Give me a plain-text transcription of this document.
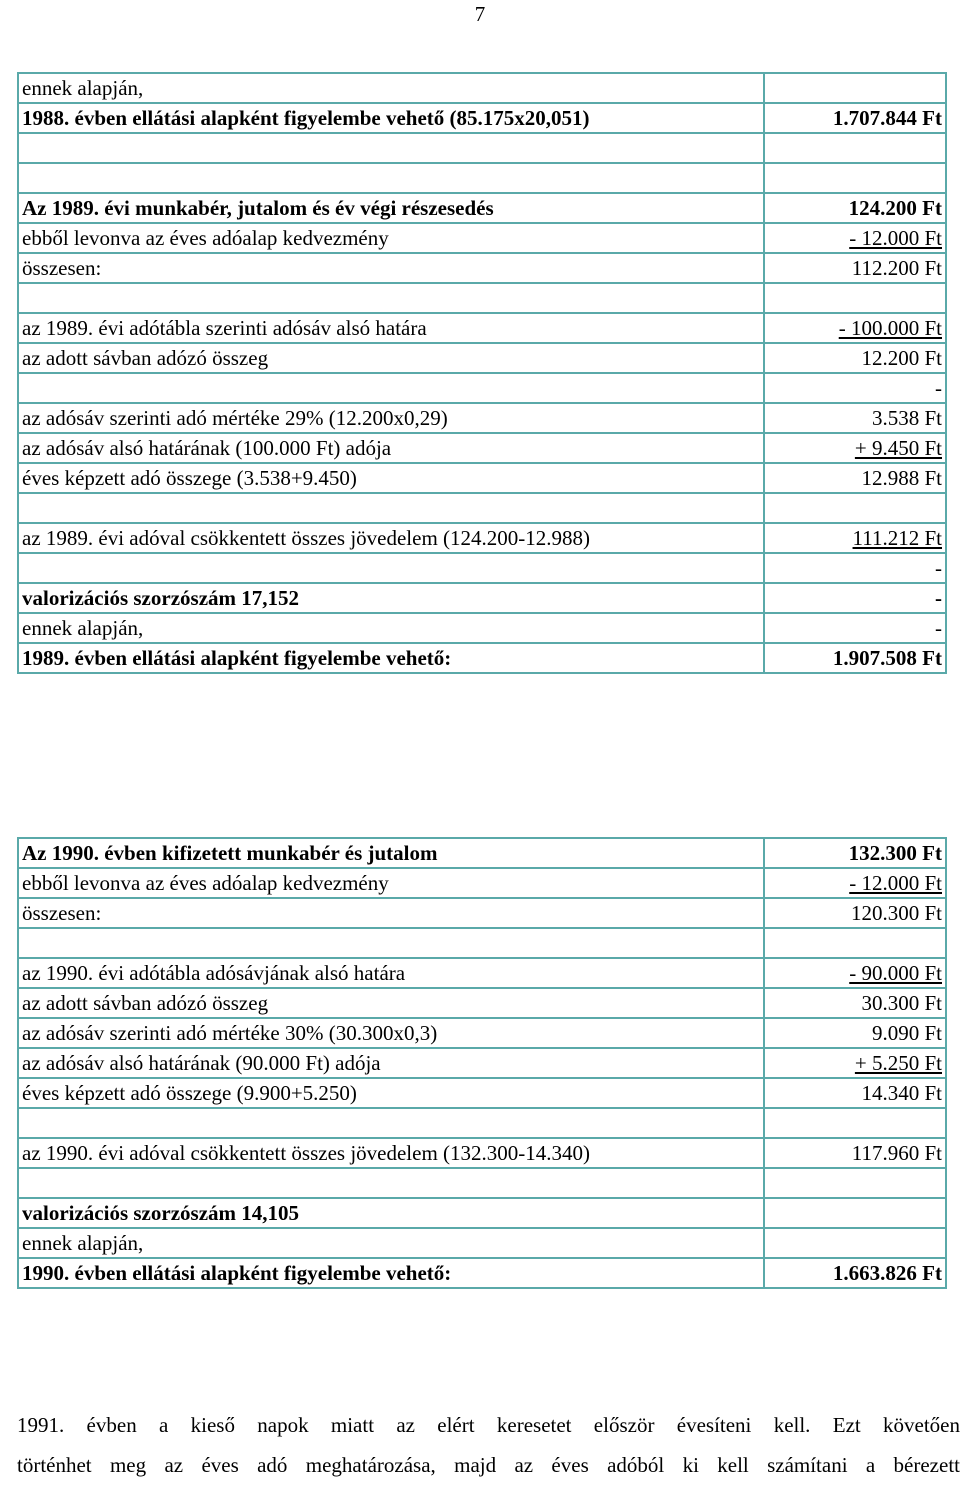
7
ennek alapján,	
1988. évben ellátási alapként figyelembe vehető (85.175x20,051)	1.707.844 Ft

Az 1989. évi munkabér, jutalom és év végi részesedés	124.200 Ft
ebből levonva az éves adóalap kedvezmény	- 12.000 Ft
összesen:	112.200 Ft

az 1989. évi adótábla szerinti adósáv alsó határa	- 100.000 Ft
az adott sávban adózó összeg	12.200 Ft
	-
az adósáv szerinti adó mértéke 29% (12.200x0,29)	3.538 Ft
az adósáv alsó határának (100.000 Ft) adója	+ 9.450 Ft
éves képzett adó összege (3.538+9.450)	12.988 Ft

az 1989. évi adóval csökkentett összes jövedelem (124.200-12.988)	111.212 Ft
	-
valorizációs szorzószám 17,152	-
ennek alapján,	-
1989. évben ellátási alapként figyelembe vehető:	1.907.508 Ft
Az 1990. évben kifizetett munkabér és jutalom	132.300 Ft
ebből levonva az éves adóalap kedvezmény	- 12.000 Ft
összesen:	120.300 Ft

az 1990. évi adótábla adósávjának alsó határa	- 90.000 Ft
az adott sávban adózó összeg	30.300 Ft
az adósáv szerinti adó mértéke 30% (30.300x0,3)	9.090 Ft
az adósáv alsó határának (90.000 Ft) adója	+ 5.250 Ft
éves képzett adó összege (9.900+5.250)	14.340 Ft

az 1990. évi adóval csökkentett összes jövedelem (132.300-14.340)	117.960 Ft

valorizációs szorzószám 14,105	
ennek alapján,	
1990. évben ellátási alapként figyelembe vehető:	1.663.826 Ft
1991. évben a kieső napok miatt az elért keresetet először évesíteni kell. Ezt követően
történhet meg az éves adó meghatározása, majd az éves adóból ki kell számítani a bérezett
